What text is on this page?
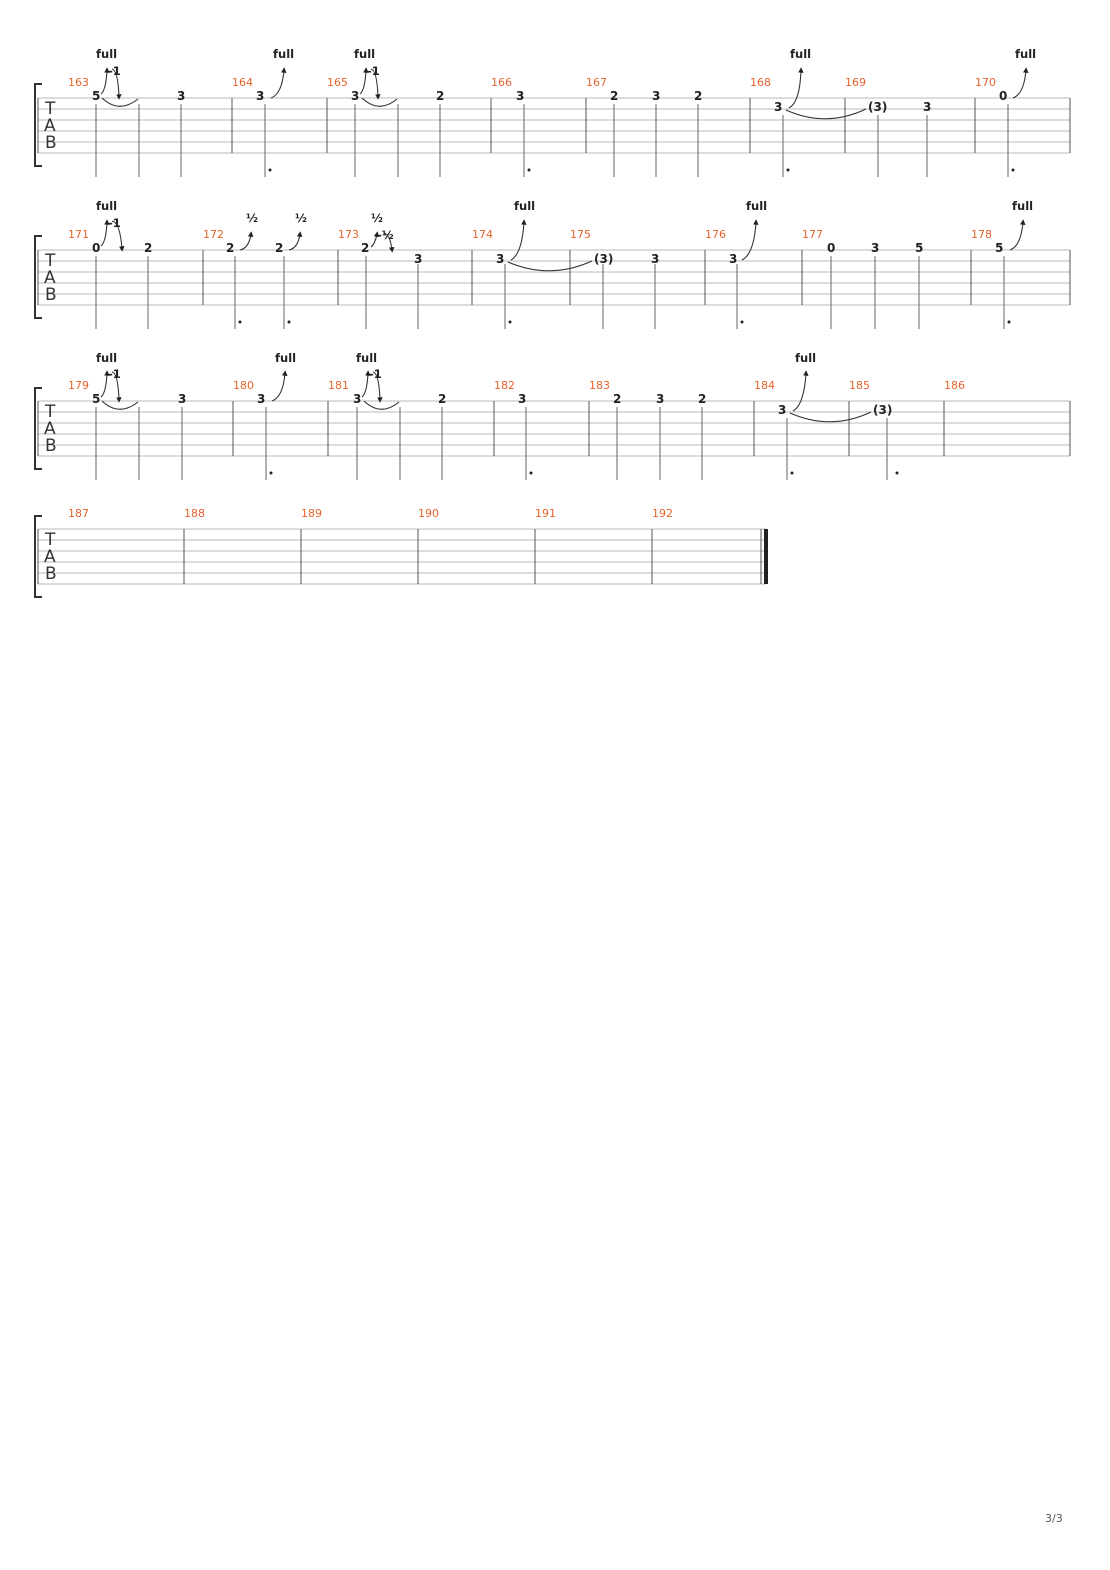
T
A
B
163	164	165	166	167	168	169	170
5	3	3	3	2	3	2	3	2
3	(3)	3
0
full
-1
full	full
-1
full	full
T
A
B
171	172	173	174	175	176	177	178
0	2	2	2	2
3	3	(3)	3	3
0	3	5	5
full
-1	½	½	½
-½
full	full	full
T
A
B
179	180	181	182	183	184	185	186
5	3	3	3	2	3	2	3	2
3	(3)
full
-1
full	full
-1
full
T
A
B
187	188	189	190	191	192
3/3
